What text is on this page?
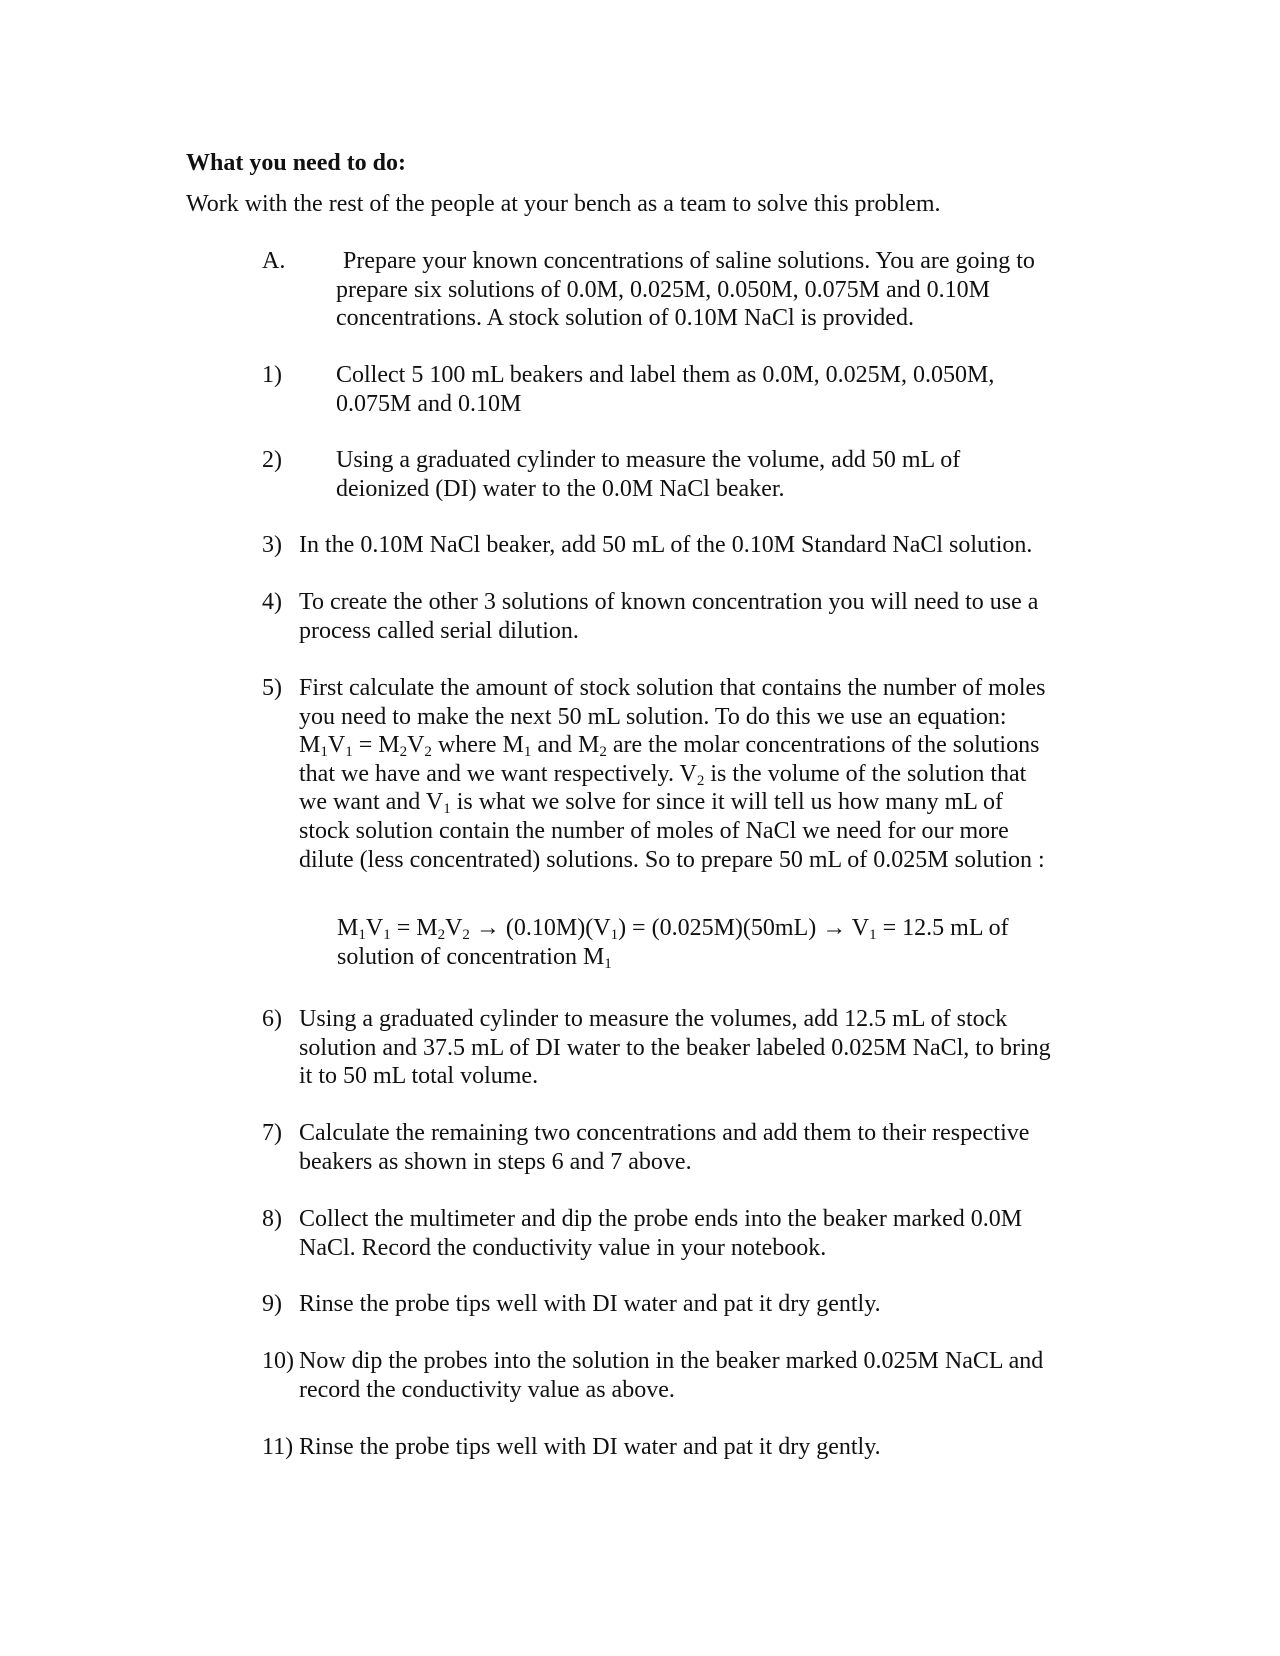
What you need to do:
Work with the rest of the people at your bench as a team to solve this problem.
A. Prepare your known concentrations of saline solutions. You are going to

prepare six solutions of 0.0M, 0.025M, 0.050M, 0.075M and 0.10M

concentrations. A stock solution of 0.10M NaCl is provided.

1) Collect 5 100 mL beakers and label them as 0.0M, 0.025M, 0.050M,

0.075M and 0.10M

2) Using a graduated cylinder to measure the volume, add 50 mL of

deionized (DI) water to the 0.0M NaCl beaker.

3) In the 0.10M NaCl beaker, add 50 mL of the 0.10M Standard NaCl solution.

4) To create the other 3 solutions of known concentration you will need to use a

process called serial dilution.

5) First calculate the amount of stock solution that contains the number of moles

you need to make the next 50 mL solution. To do this we use an equation:

$M_1V_1 = M_2V_2$ where $M_1$ and $M_2$ are the molar concentrations of the solutions

that we have and we want respectively. $V_2$ is the volume of the solution that

we want and $V_1$ is what we solve for since it will tell us how many mL of

stock solution contain the number of moles of NaCl we need for our more

dilute (less concentrated) solutions. So to prepare 50 mL of 0.025M solution :

$M_1V_1 = M_2V_2 \to (0.10M)(V_1) = (0.025M)(50mL) \to V_1 = 12.5$ mL of

solution of concentration $M_1$

6) Using a graduated cylinder to measure the volumes, add 12.5 mL of stock

solution and 37.5 mL of DI water to the beaker labeled 0.025M NaCl, to bring

it to 50 mL total volume.

7) Calculate the remaining two concentrations and add them to their respective

beakers as shown in steps 6 and 7 above.

8) Collect the multimeter and dip the probe ends into the beaker marked 0.0M

NaCl. Record the conductivity value in your notebook.

9) Rinse the probe tips well with DI water and pat it dry gently.

10) Now dip the probes into the solution in the beaker marked 0.025M NaCL and

record the conductivity value as above.

11) Rinse the probe tips well with DI water and pat it dry gently.
